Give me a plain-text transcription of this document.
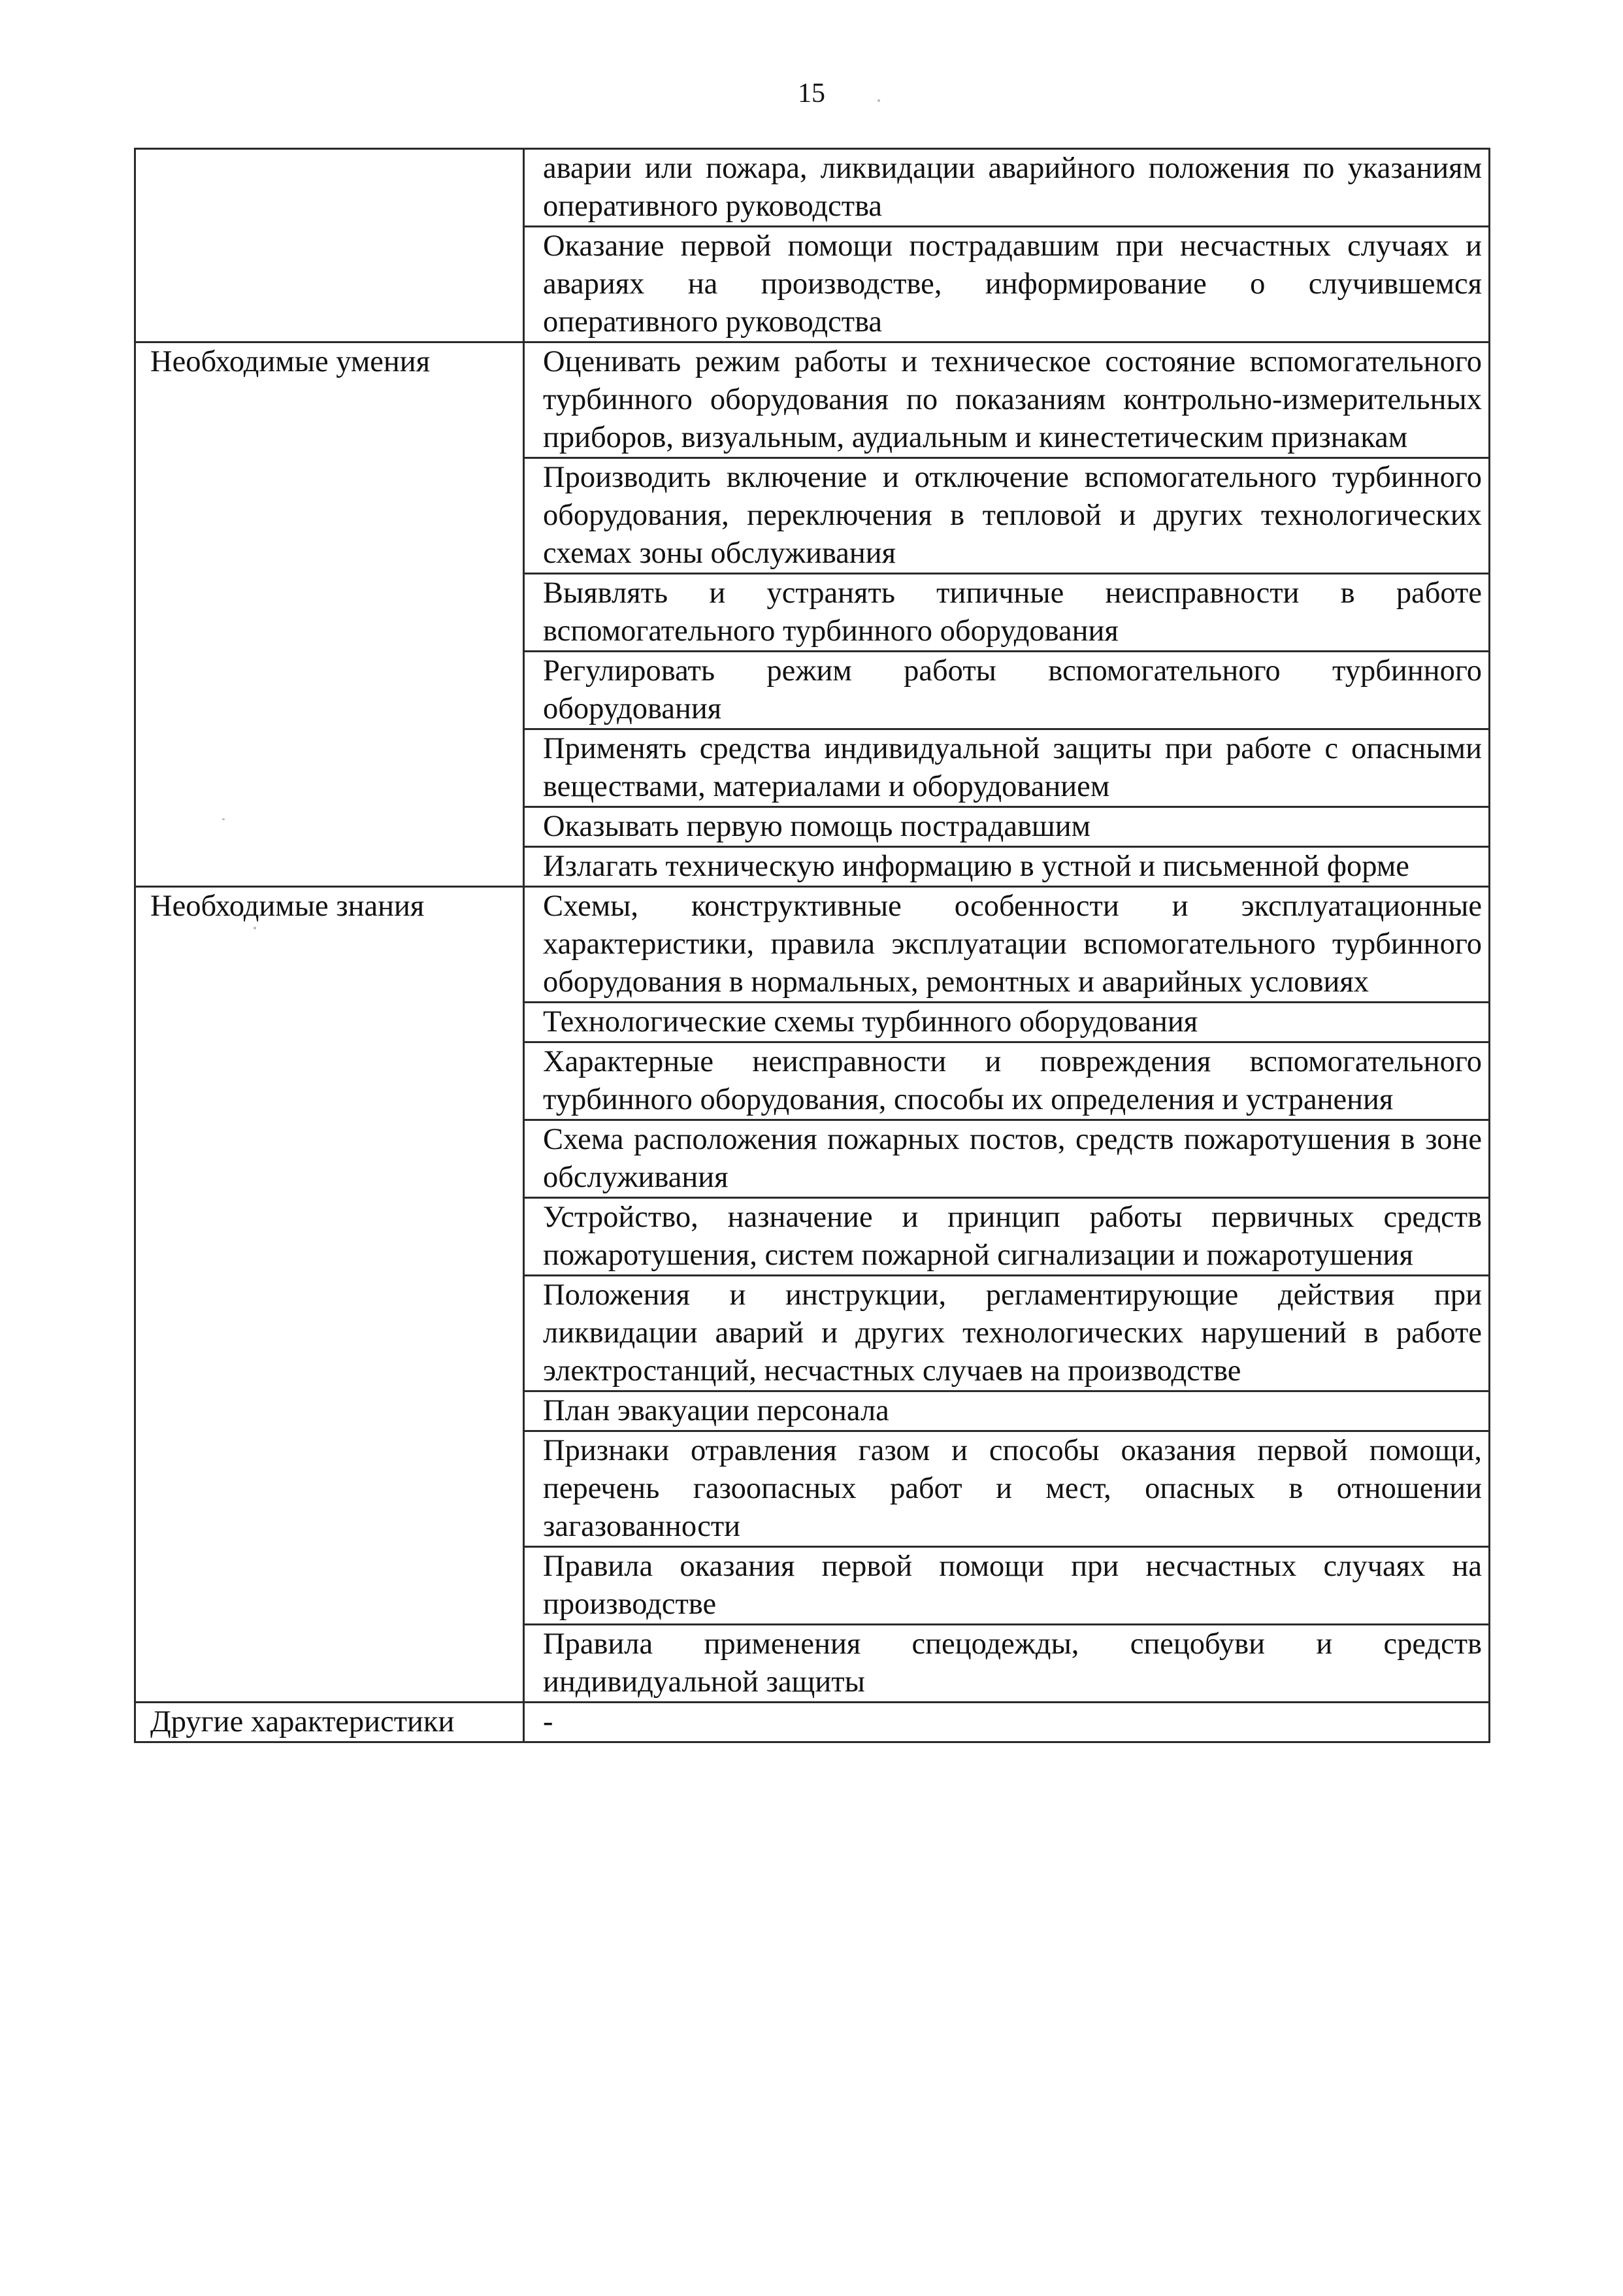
15
	аварии или пожара, ликвидации аварийного положения по указаниям оперативного руководства
	Оказание первой помощи пострадавшим при несчастных случаях и авариях на производстве, информирование о случившемся оперативного руководства
Необходимые умения	Оценивать режим работы и техническое состояние вспомогательного турбинного оборудования по показаниям контрольно-измерительных приборов, визуальным, аудиальным и кинестетическим признакам
	Производить включение и отключение вспомогательного турбинного оборудования, переключения в тепловой и других технологических схемах зоны обслуживания
	Выявлять и устранять типичные неисправности в работе вспомогательного турбинного оборудования
	Регулировать режим работы вспомогательного турбинного оборудования
	Применять средства индивидуальной защиты при работе с опасными веществами, материалами и оборудованием
	Оказывать первую помощь пострадавшим
	Излагать техническую информацию в устной и письменной форме
Необходимые знания	Схемы, конструктивные особенности и эксплуатационные характеристики, правила эксплуатации вспомогательного турбинного оборудования в нормальных, ремонтных и аварийных условиях
	Технологические схемы турбинного оборудования
	Характерные неисправности и повреждения вспомогательного турбинного оборудования, способы их определения и устранения
	Схема расположения пожарных постов, средств пожаротушения в зоне обслуживания
	Устройство, назначение и принцип работы первичных средств пожаротушения, систем пожарной сигнализации и пожаротушения
	Положения и инструкции, регламентирующие действия при ликвидации аварий и других технологических нарушений в работе электростанций, несчастных случаев на производстве
	План эвакуации персонала
	Признаки отравления газом и способы оказания первой помощи, перечень газоопасных работ и мест, опасных в отношении загазованности
	Правила оказания первой помощи при несчастных случаях на производстве
	Правила применения спецодежды, спецобуви и средств индивидуальной защиты
Другие характеристики	-
